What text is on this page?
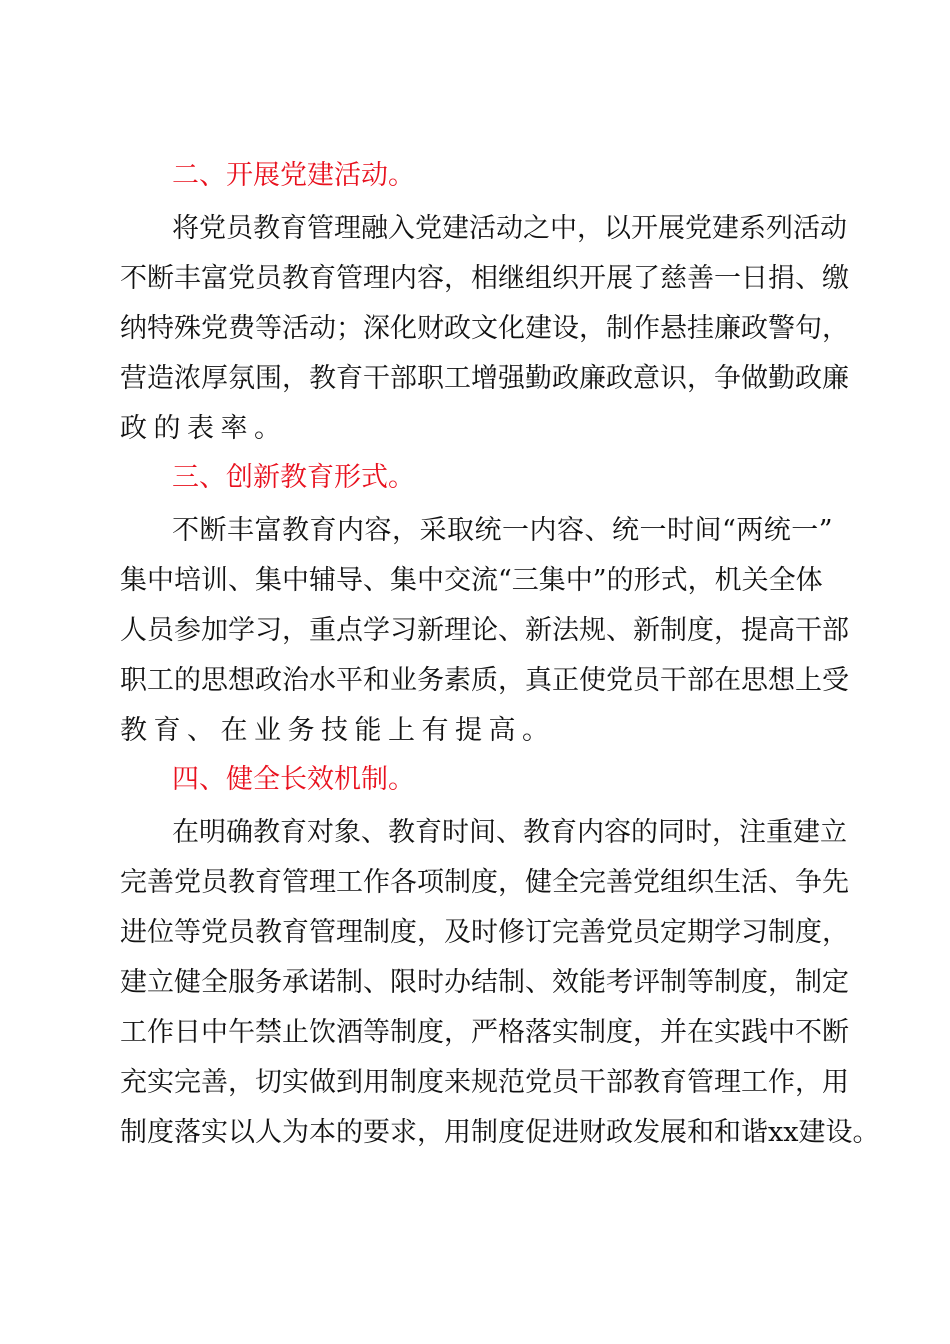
二、开展党建活动。
将党员教育管理融入党建活动之中，以开展党建系列活动
不断丰富党员教育管理内容，相继组织开展了慈善一日捐、缴
纳特殊党费等活动；深化财政文化建设，制作悬挂廉政警句，
营造浓厚氛围，教育干部职工增强勤政廉政意识，争做勤政廉
政的表率。
三、创新教育形式。
不断丰富教育内容，采取统一内容、统一时间“两统一”
集中培训、集中辅导、集中交流“三集中”的形式，机关全体
人员参加学习，重点学习新理论、新法规、新制度，提高干部
职工的思想政治水平和业务素质，真正使党员干部在思想上受
教育、在业务技能上有提高。
四、健全长效机制。
在明确教育对象、教育时间、教育内容的同时，注重建立
完善党员教育管理工作各项制度，健全完善党组织生活、争先
进位等党员教育管理制度，及时修订完善党员定期学习制度，
建立健全服务承诺制、限时办结制、效能考评制等制度，制定
工作日中午禁止饮酒等制度，严格落实制度，并在实践中不断
充实完善，切实做到用制度来规范党员干部教育管理工作，用
制度落实以人为本的要求，用制度促进财政发展和和谐xx建设。
